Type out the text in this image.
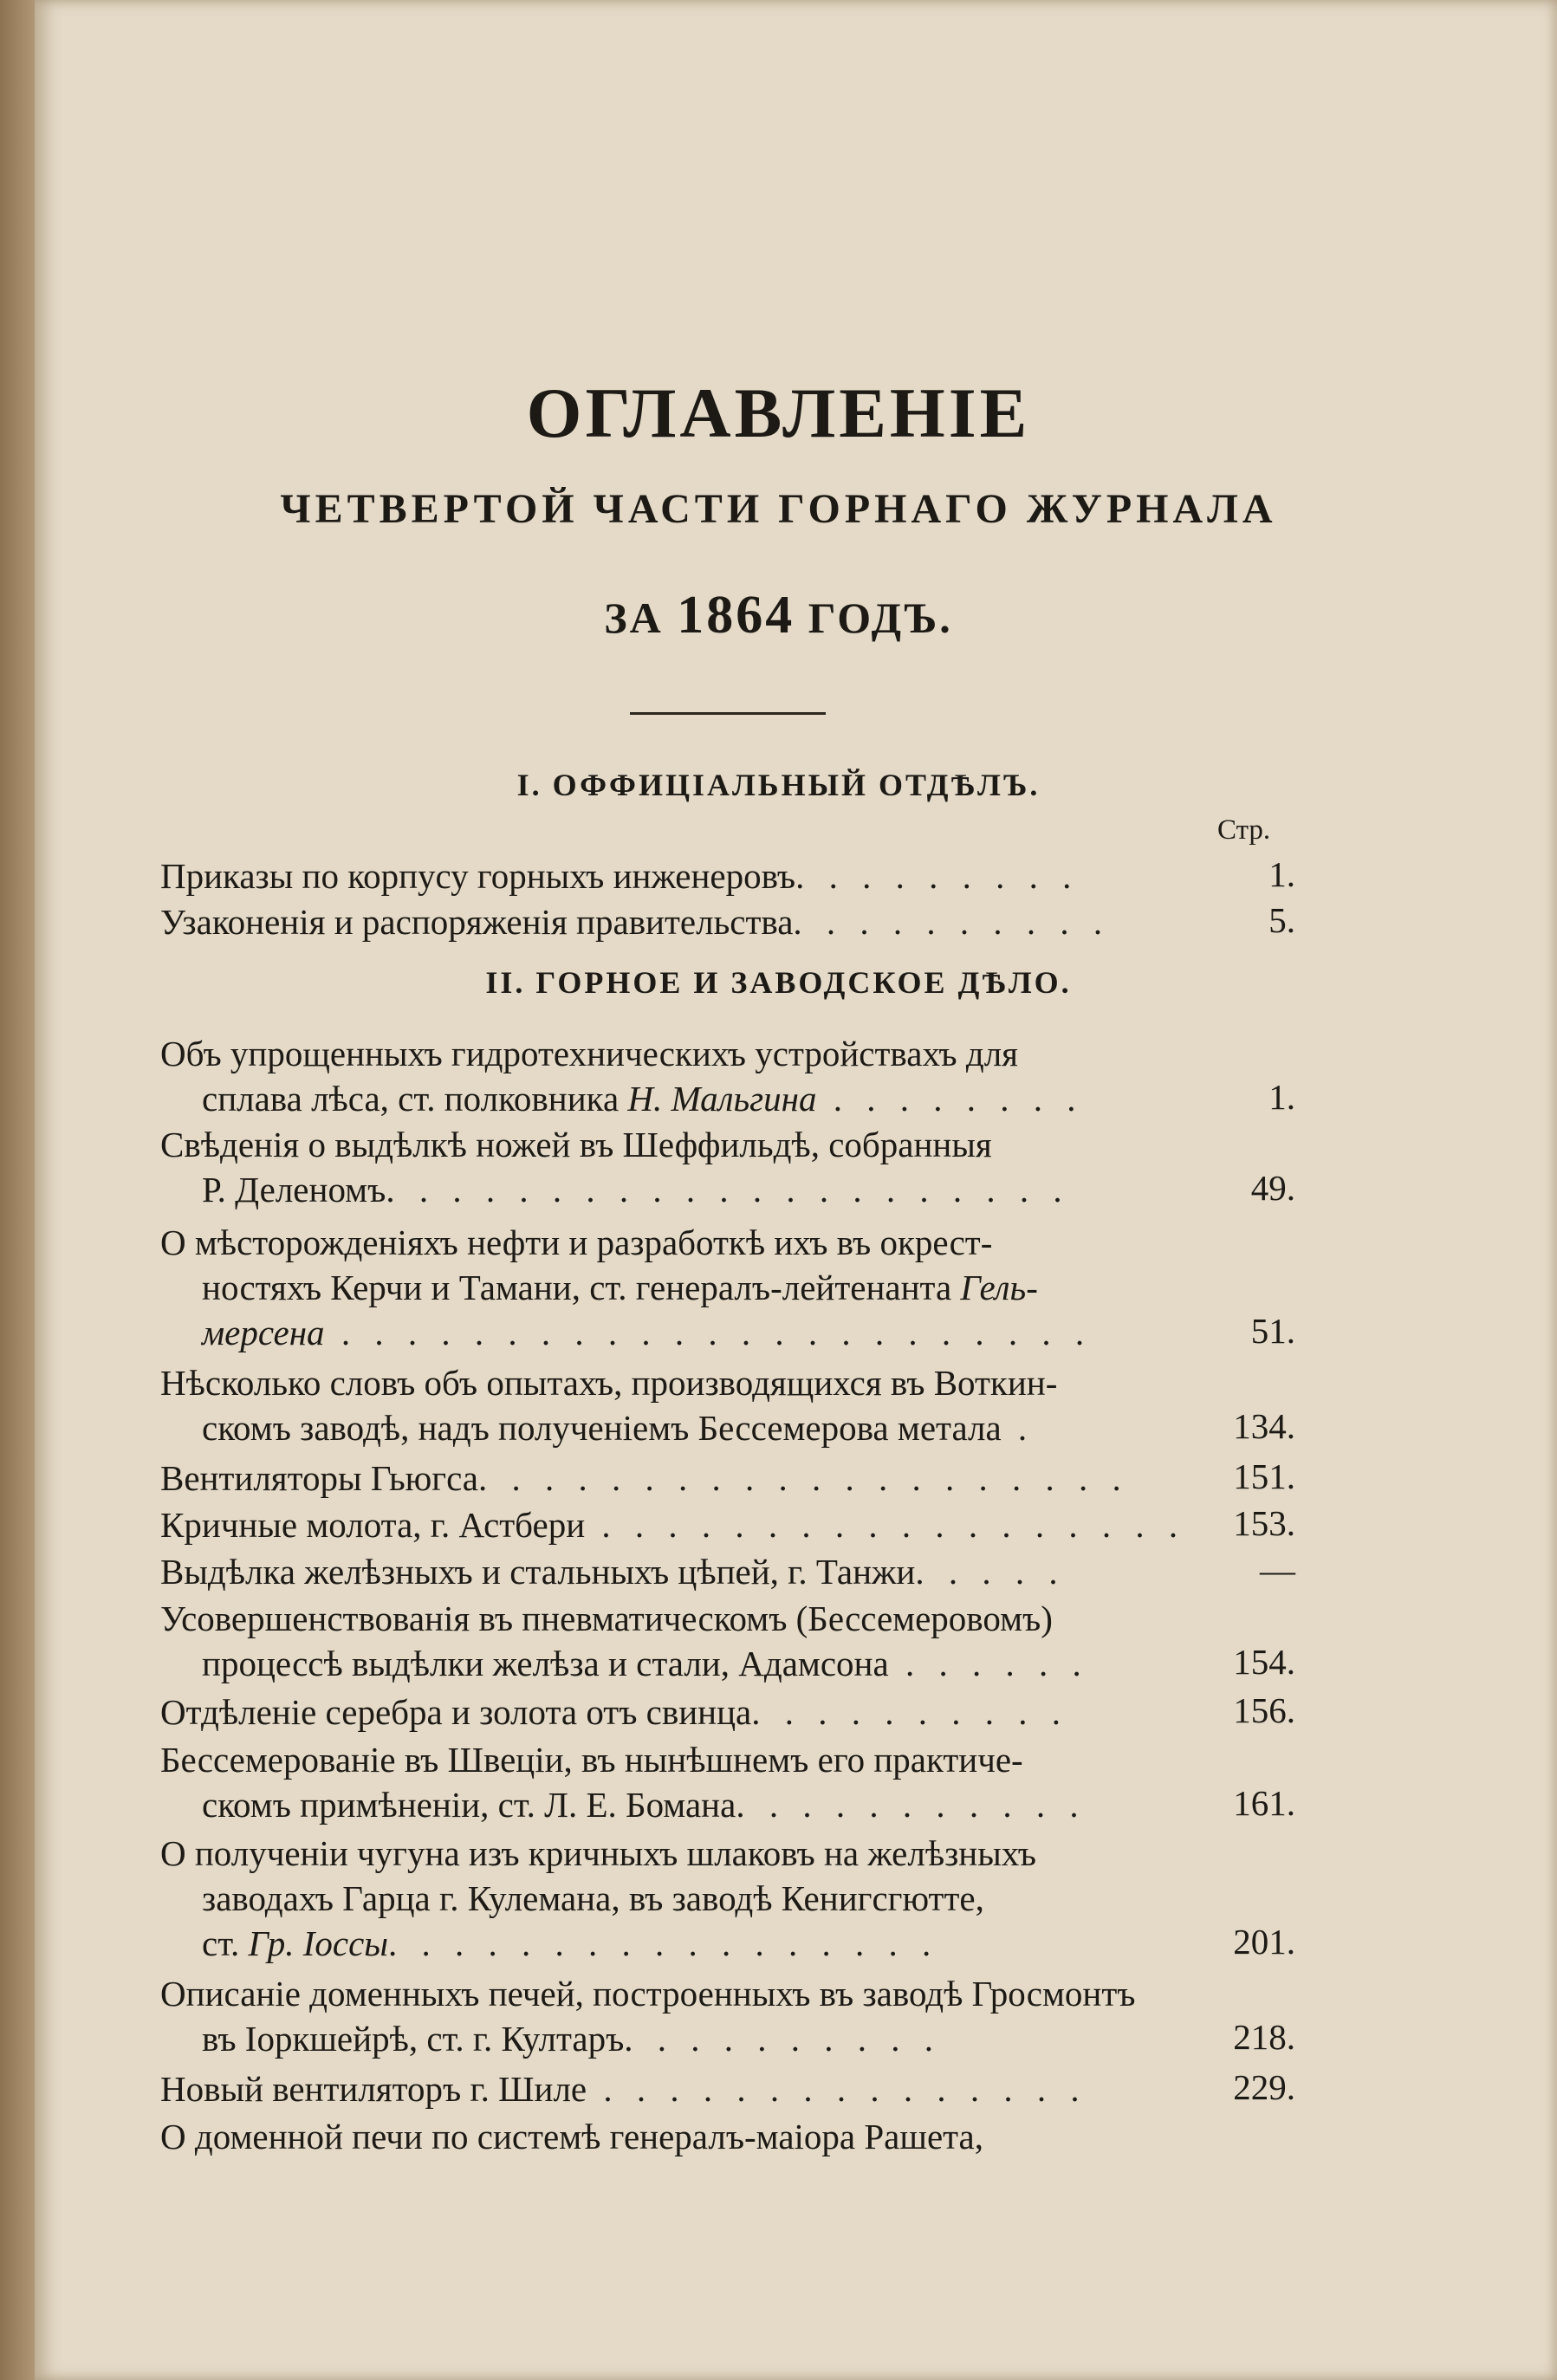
ОГЛАВЛЕНІЕ
ЧЕТВЕРТОЙ ЧАСТИ ГОРНАГО ЖУРНАЛА
ЗА 1864 ГОДЪ.
I. ОФФИЦІАЛЬНЫЙ ОТДѢЛЪ.
Стр.
Приказы по корпусу горныхъ инженеровъ. . . . . . . . .	1.
Узаконенія и распоряженія правительства. . . . . . . . . .	5.
II. ГОРНОЕ И ЗАВОДСКОЕ ДѢЛО.
Объ упрощенныхъ гидротехническихъ устройствахъ для
сплава лѣса, ст. полковника Н. Мальгина . . . . . . . .	1.
Свѣденія о выдѣлкѣ ножей въ Шеффильдѣ, собранныя
Р. Деленомъ. . . . . . . . . . . . . . . . . . . . .	49.
О мѣсторожденіяхъ нефти и разработкѣ ихъ въ окрест-
ностяхъ Керчи и Тамани, ст. генералъ-лейтенанта Гель-
мерсена . . . . . . . . . . . . . . . . . . . . . . .	51.
Нѣсколько словъ объ опытахъ, производящихся въ Воткин-
скомъ заводѣ, надъ полученіемъ Бессемерова метала .	134.
Вентиляторы Гьюгса. . . . . . . . . . . . . . . . . . . .	151.
Кричные молота, г. Астбери . . . . . . . . . . . . . . . . . .	153.
Выдѣлка желѣзныхъ и стальныхъ цѣпей, г. Танжи. . . . .	—
Усовершенствованія въ пневматическомъ (Бессемеровомъ)
процессѣ выдѣлки желѣза и стали, Адамсона . . . . . .	154.
Отдѣленіе серебра и золота отъ свинца. . . . . . . . . .	156.
Бессемерованіе въ Швеціи, въ нынѣшнемъ его практиче-
скомъ примѣненіи, ст. Л. Е. Бомана. . . . . . . . . . .	161.
О полученіи чугуна изъ кричныхъ шлаковъ на желѣзныхъ
заводахъ Гарца г. Кулемана, въ заводѣ Кенигсгютте,
ст. Гр. Іоссы. . . . . . . . . . . . . . . . .	201.
Описаніе доменныхъ печей, построенныхъ въ заводѣ Гросмонтъ
въ Іоркшейрѣ, ст. г. Култаръ. . . . . . . . . .	218.
Новый вентиляторъ г. Шиле . . . . . . . . . . . . . . .	229.
О доменной печи по системѣ генералъ-маіора Рашета,
